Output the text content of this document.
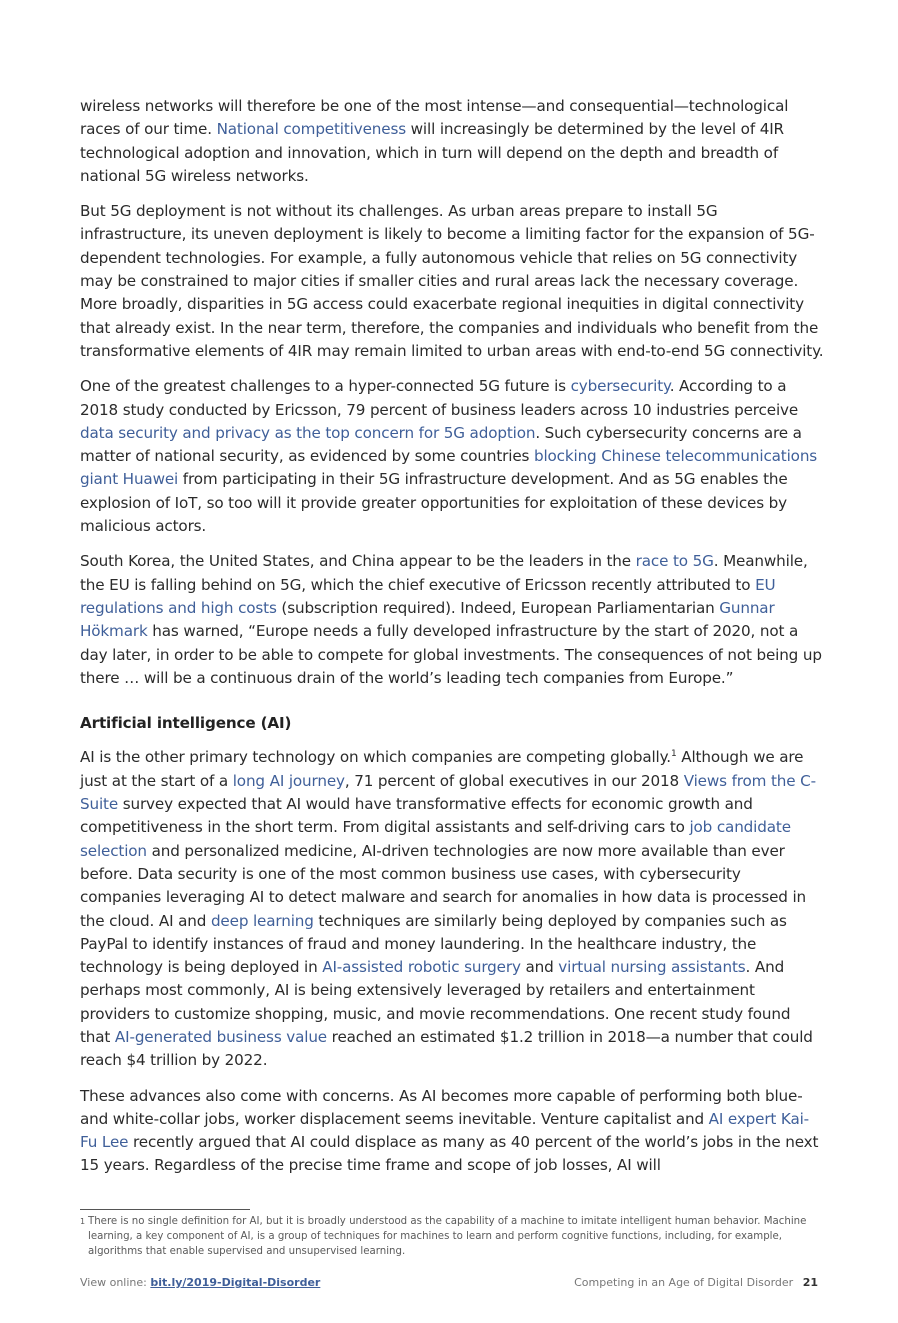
wireless networks will therefore be one of the most intense—and consequential—technological races of our time. National competitiveness will increasingly be determined by the level of 4IR technological adoption and innovation, which in turn will depend on the depth and breadth of national 5G wireless networks.

But 5G deployment is not without its challenges. As urban areas prepare to install 5G infrastructure, its uneven deployment is likely to become a limiting factor for the expansion of 5G-dependent technologies. For example, a fully autonomous vehicle that relies on 5G connectivity may be constrained to major cities if smaller cities and rural areas lack the necessary coverage. More broadly, disparities in 5G access could exacerbate regional inequities in digital connectivity that already exist. In the near term, therefore, the companies and individuals who benefit from the transformative elements of 4IR may remain limited to urban areas with end-to-end 5G connectivity.

One of the greatest challenges to a hyper-connected 5G future is cybersecurity. According to a 2018 study conducted by Ericsson, 79 percent of business leaders across 10 industries perceive data security and privacy as the top concern for 5G adoption. Such cybersecurity concerns are a matter of national security, as evidenced by some countries blocking Chinese telecommunications giant Huawei from participating in their 5G infrastructure development. And as 5G enables the explosion of IoT, so too will it provide greater opportunities for exploitation of these devices by malicious actors.

South Korea, the United States, and China appear to be the leaders in the race to 5G. Meanwhile, the EU is falling behind on 5G, which the chief executive of Ericsson recently attributed to EU regulations and high costs (subscription required). Indeed, European Parliamentarian Gunnar Hökmark has warned, “Europe needs a fully developed infrastructure by the start of 2020, not a day later, in order to be able to compete for global investments. The consequences of not being up there … will be a continuous drain of the world’s leading tech companies from Europe.”

Artificial intelligence (AI)

AI is the other primary technology on which companies are competing globally.$^1$ Although we are just at the start of a long AI journey, 71 percent of global executives in our 2018 Views from the C-Suite survey expected that AI would have transformative effects for economic growth and competitiveness in the short term. From digital assistants and self-driving cars to job candidate selection and personalized medicine, AI-driven technologies are now more available than ever before. Data security is one of the most common business use cases, with cybersecurity companies leveraging AI to detect malware and search for anomalies in how data is processed in the cloud. AI and deep learning techniques are similarly being deployed by companies such as PayPal to identify instances of fraud and money laundering. In the healthcare industry, the technology is being deployed in AI-assisted robotic surgery and virtual nursing assistants. And perhaps most commonly, AI is being extensively leveraged by retailers and entertainment providers to customize shopping, music, and movie recommendations. One recent study found that AI-generated business value reached an estimated $1.2 trillion in 2018—a number that could reach $4 trillion by 2022.

These advances also come with concerns. As AI becomes more capable of performing both blue- and white-collar jobs, worker displacement seems inevitable. Venture capitalist and AI expert Kai-Fu Lee recently argued that AI could displace as many as 40 percent of the world’s jobs in the next 15 years. Regardless of the precise time frame and scope of job losses, AI will

1 There is no single definition for AI, but it is broadly understood as the capability of a machine to imitate intelligent human behavior. Machine learning, a key component of AI, is a group of techniques for machines to learn and perform cognitive functions, including, for example, algorithms that enable supervised and unsupervised learning.
View online: bit.ly/2019-Digital-Disorder	Competing in an Age of Digital Disorder 21
